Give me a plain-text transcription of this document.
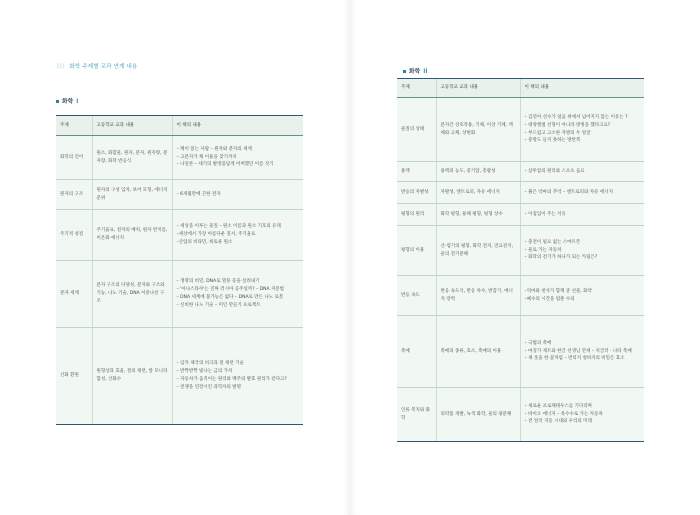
〉〉〉 화학 주제별 교과 연계 내용
화학 I
주제	고등학교 교과 내용	이 책의 내용
화학의 언어	원소, 화합물, 원자, 분자, 원자량, 분자량, 화학 반응식	– 케이 읽는 사람 – 원자와 분자의 세계

– 고분자가 채 이용을 찾기까지

– 나일론 – 세기의 발명품답게 어쩌했던 이름 짓기

원자의 구조	원자의 구성 입자, 보어 모형, 에너지 준위	– 6개월만에 끈한 전자

주기적 성질	주기율표, 전자의 배치, 원자 반지름, 이온화 에너지	– 세상을 이루는 물질 – 원소 이름과 원소 기호의 유래

–세상에서 가장 아름다운 질서, 주기율표

–산업의 비타민, 희토류 원소

분자 세계	분자 구조의 다양성, 분자와 구조와 기능, 나노 기술, DNA 이중나선 구조	– 생명의 비밀, DNA로 열풍 등을 살려내기

– '아나스타샤'는 진짜 러시아 공주일까? – DNA 지문법

– DNA 세계에 불가능은 없다 – DNA로 만든 나노 로봇

– 신비한 나노 기술 – 미인 만들기 프로젝트

산화 환원	원형상과 효율, 철의 제련, 앞 모니라 합성, 산화수	– 임카 제국의 비극과 철 제련 기술

– 반짝반짝 빛나는 금의 가치

– 자동차가 움직이는 원리와 백주의 발효 원리가 같다고?

– 전쟁을 연장시킨 과학자의 발명

화학 II
주제	고등학교 교과 내용	이 책의 내용
물질의 상태	분자간 상호작용, 기체, 이상 기체, 액체와 고체, 상변화	– 김연아 선수가 얼음 위에서 넘어지지 않는 이유는 ?

– 대양앨범 선형이 아니라 방정을 했다고요?

– 부드럽고 고소한 자방의 두 얼굴

– 충망도 들지 못하는 방탄복

용액	용액의 농도, 증기압, 총괄성	– 삼투압의 원리와 스포츠 음료

반응의 자발성	자발성, 엔트로피, 자유 에너지	– 붉은 악마의 추억 – 엔트로피와 자유 에너지

평형의 원리	화학 평형, 용해 평형, 평형 상수	– 이집입이 주는 석유

평형의 이용	산-염기의 평형, 화학 전지, 연료전지, 물의 전기분해	– 충전이 필요 없는 스마트폰

– 물로 가는 자동차

– 화학의 전기가 하나가 되는 카림은?

반응 속도	반응 속도식, 반응 차수, 반감기, 에너지 장벽	–억마와 천사가 함께 준 선물, 화약

–쎄수의 시간을 멈춘 수의

촉매	촉매의 종류, 효소, 촉매의 이용	– 극법의 촉매

– 마징가 제트와 한글 선생님 만세 – 치글러 · 나타 촉매

– 새 옷을 한 꽃처럼 – 번티지 청바지의 비밀은 효소

인류 복지와 화학	의약품 개발, 녹색 화학, 물의 광분해	– 새로운 프로페테우스를 기다리며

– 바이오 에너지 – 옥수수로 가는 자동차

– 전 알러 지동 시대와 우리의 미래
